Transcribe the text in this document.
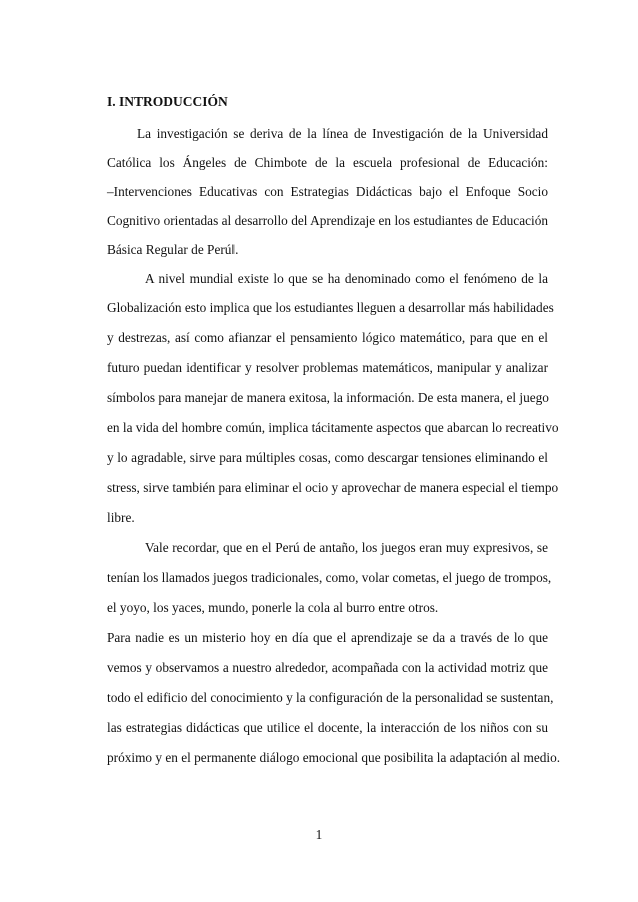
I. INTRODUCCIÓN
La investigación se deriva de la línea de Investigación de la Universidad
Católica los Ángeles de Chimbote de la escuela profesional de Educación:
‒Intervenciones Educativas con Estrategias Didácticas bajo el Enfoque Socio
Cognitivo orientadas al desarrollo del Aprendizaje en los estudiantes de Educación
Básica Regular de Perú‖.
A nivel mundial existe lo que se ha denominado como el fenómeno de la
Globalización esto implica que los estudiantes lleguen a desarrollar más habilidades
y destrezas, así como afianzar el pensamiento lógico matemático, para que en el
futuro puedan identificar y resolver problemas matemáticos, manipular y analizar
símbolos para manejar de manera exitosa, la información. De esta manera, el juego
en la vida del hombre común, implica tácitamente aspectos que abarcan lo recreativo
y lo agradable, sirve para múltiples cosas, como descargar tensiones eliminando el
stress, sirve también para eliminar el ocio y aprovechar de manera especial el tiempo
libre.
Vale recordar, que en el Perú de antaño, los juegos eran muy expresivos, se
tenían los llamados juegos tradicionales, como, volar cometas, el juego de trompos,
el yoyo, los yaces, mundo, ponerle la cola al burro entre otros.
Para nadie es un misterio hoy en día que el aprendizaje se da a través de lo que
vemos y observamos a nuestro alrededor, acompañada con la actividad motriz que
todo el edificio del conocimiento y la configuración de la personalidad se sustentan,
las estrategias didácticas que utilice el docente, la interacción de los niños con su
próximo y en el permanente diálogo emocional que posibilita la adaptación al medio.
1
